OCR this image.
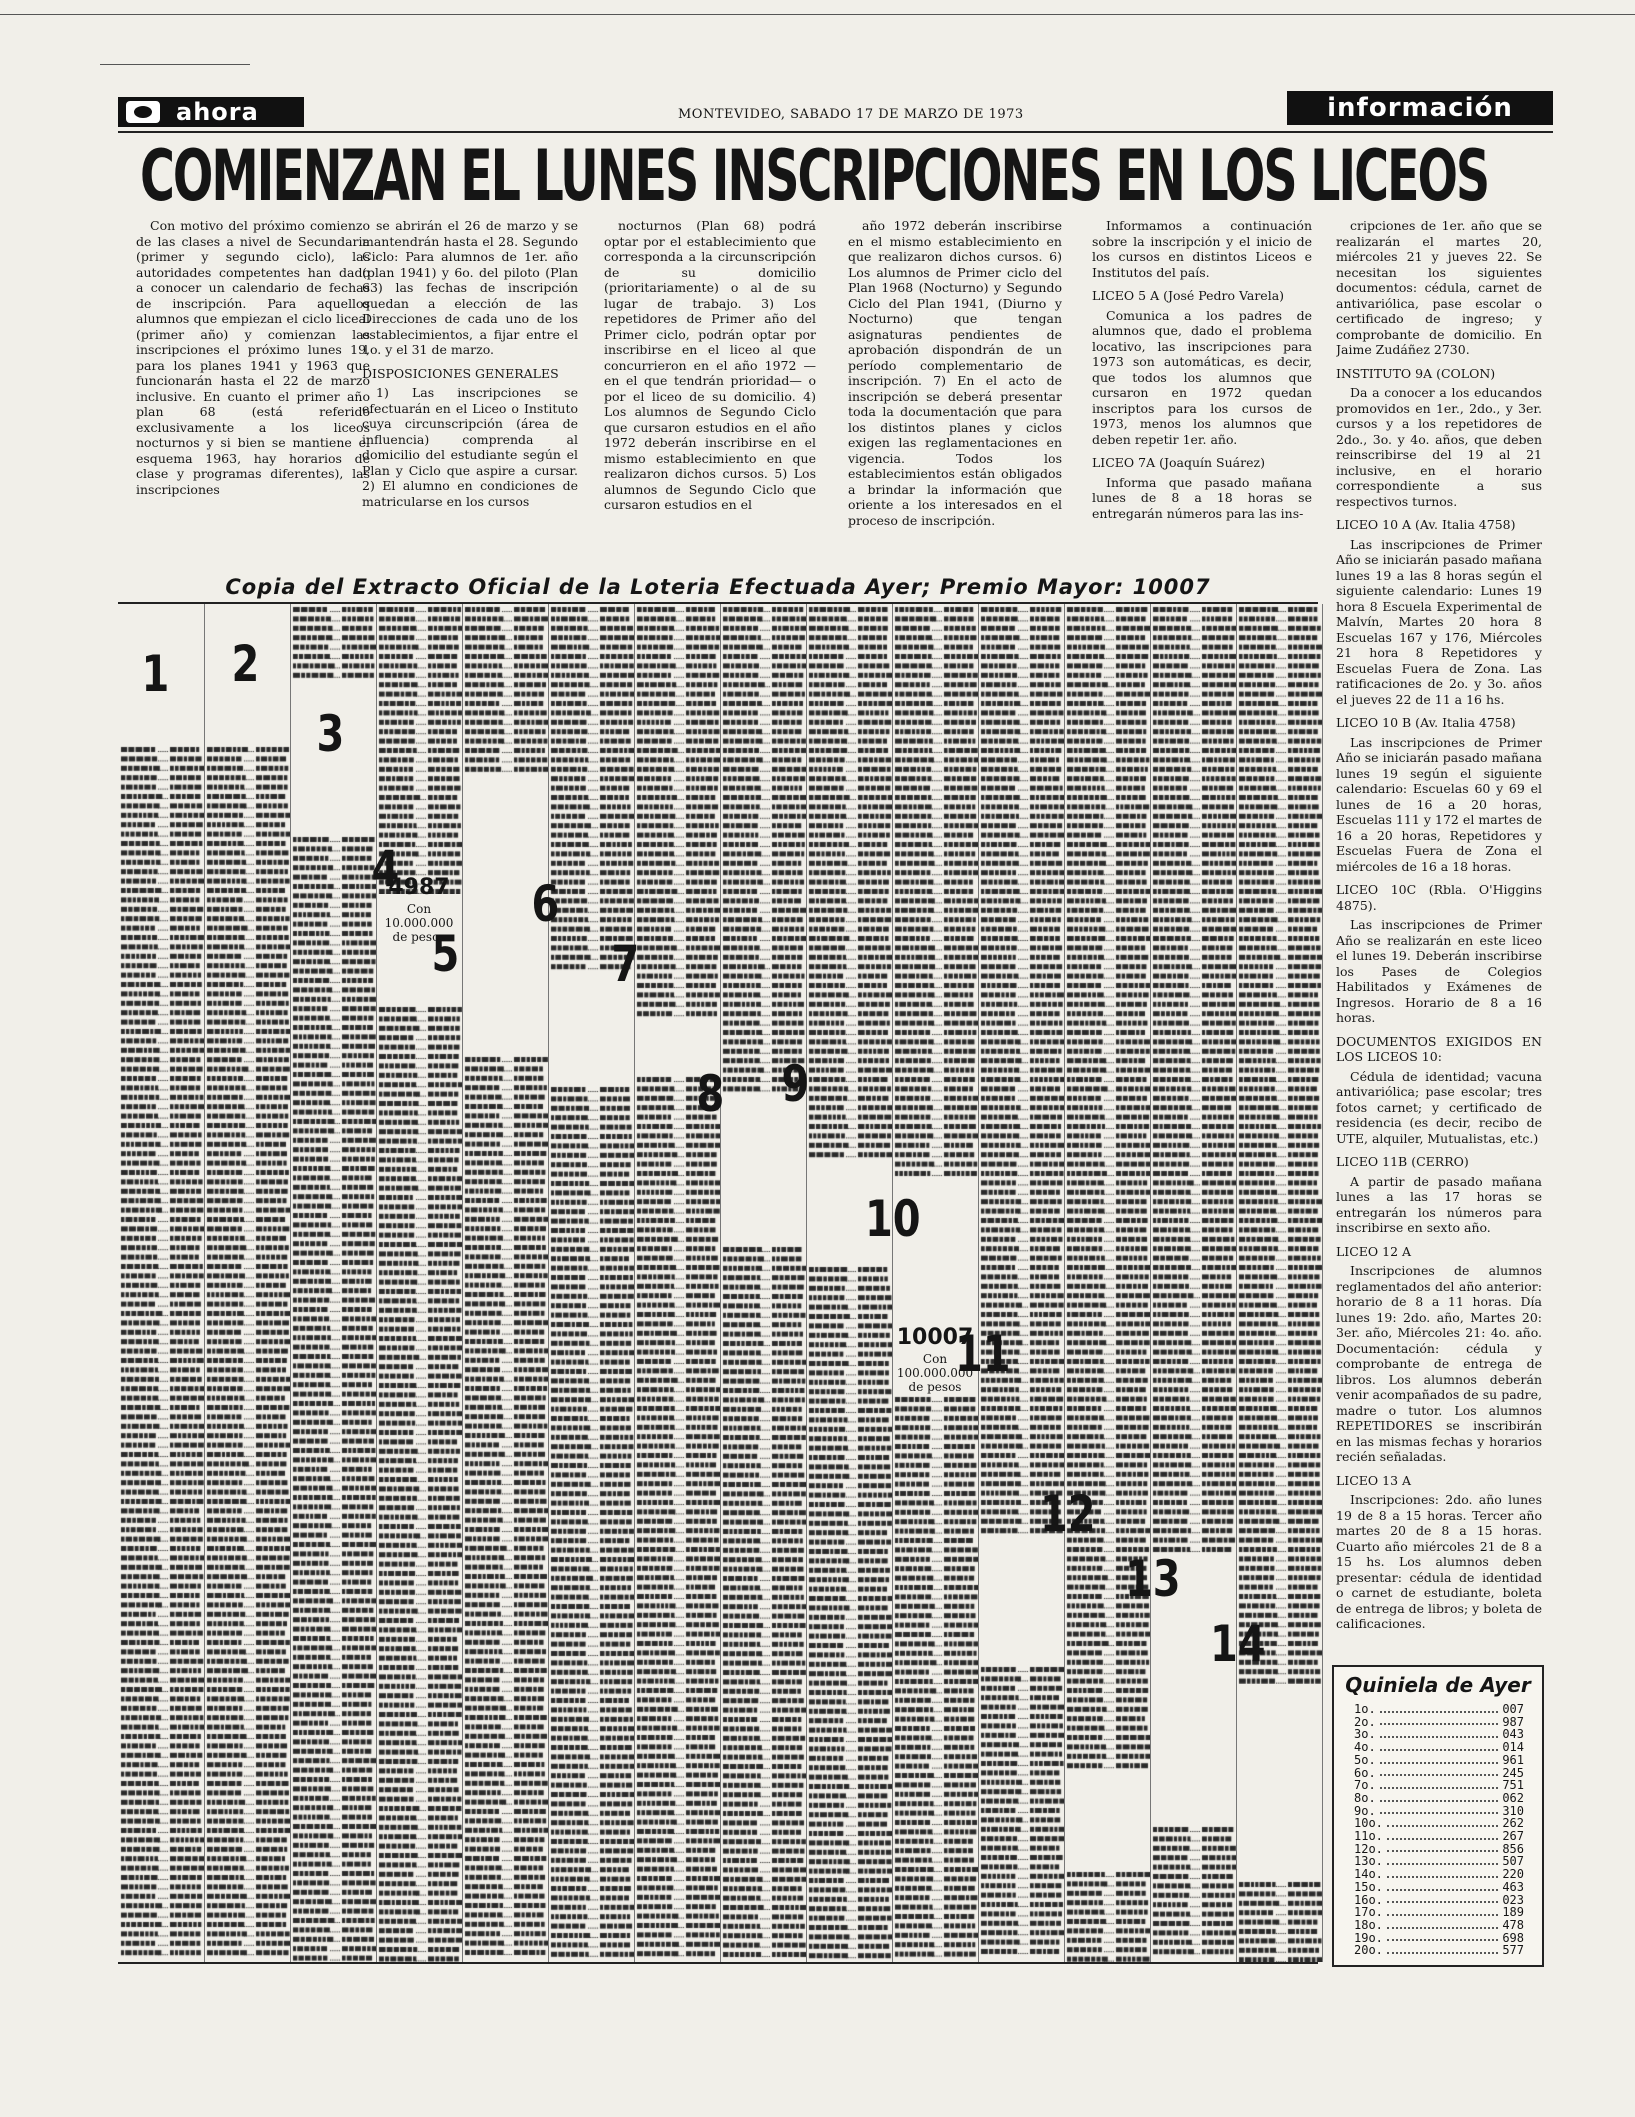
ahora	MONTEVIDEO, SABADO 17 DE MARZO DE 1973	información
COMIENZAN EL LUNES INSCRIPCIONES EN LOS LICEOS

Con motivo del próximo comienzo de las clases a nivel de Secundaria (primer y segundo ciclo), las autoridades competentes han dado a conocer un calendario de fechas de inscripción. Para aquellos alumnos que empiezan el ciclo liceal (primer año) y comienzan las inscripciones el próximo lunes 19, para los planes 1941 y 1963 que funcionarán hasta el 22 de marzo inclusive. En cuanto el primer año plan 68 (está referido exclusivamente a los liceos nocturnos y si bien se mantiene el esquema 1963, hay horarios de clase y programas diferentes), las inscripciones

se abrirán el 26 de marzo y se mantendrán hasta el 28. Segundo Ciclo: Para alumnos de 1er. año (plan 1941) y 6o. del piloto (Plan 63) las fechas de inscripción quedan a elección de las Direcciones de cada uno de los establecimientos, a fijar entre el 1o. y el 31 de marzo.

DISPOSICIONES GENERALES

1) Las inscripciones se efectuarán en el Liceo o Instituto cuya circunscripción (área de influencia) comprenda al domicilio del estudiante según el Plan y Ciclo que aspire a cursar. 2) El alumno en condiciones de matricularse en los cursos

nocturnos (Plan 68) podrá optar por el establecimiento que corresponda a la circunscripción de su domicilio (prioritariamente) o al de su lugar de trabajo. 3) Los repetidores de Primer año del Primer ciclo, podrán optar por inscribirse en el liceo al que concurrieron en el año 1972 —en el que tendrán prioridad— o por el liceo de su domicilio. 4) Los alumnos de Segundo Ciclo que cursaron estudios en el año 1972 deberán inscribirse en el mismo establecimiento en que realizaron dichos cursos. 5) Los alumnos de Segundo Ciclo que cursaron estudios en el

año 1972 deberán inscribirse en el mismo establecimiento en que realizaron dichos cursos. 6) Los alumnos de Primer ciclo del Plan 1968 (Nocturno) y Segundo Ciclo del Plan 1941, (Diurno y Nocturno) que tengan asignaturas pendientes de aprobación dispondrán de un período complementario de inscripción. 7) En el acto de inscripción se deberá presentar toda la documentación que para los distintos planes y ciclos exigen las reglamentaciones en vigencia. Todos los establecimientos están obligados a brindar la información que oriente a los interesados en el proceso de inscripción.

Informamos a continuación sobre la inscripción y el inicio de los cursos en distintos Liceos e Institutos del país.

LICEO 5 A (José Pedro Varela)

Comunica a los padres de alumnos que, dado el problema locativo, las inscripciones para 1973 son automáticas, es decir, que todos los alumnos que cursaron en 1972 quedan inscriptos para los cursos de 1973, menos los alumnos que deben repetir 1er. año.

LICEO 7A (Joaquín Suárez)

Informa que pasado mañana lunes de 8 a 18 horas se entregarán números para las ins-

cripciones de 1er. año que se realizarán el martes 20, miércoles 21 y jueves 22. Se necesitan los siguientes documentos: cédula, carnet de antivariólica, pase escolar o certificado de ingreso; y comprobante de domicilio. En Jaime Zudáñez 2730.

INSTITUTO 9A (COLON)

Da a conocer a los educandos promovidos en 1er., 2do., y 3er. cursos y a los repetidores de 2do., 3o. y 4o. años, que deben reinscribirse del 19 al 21 inclusive, en el horario correspondiente a sus respectivos turnos.

LICEO 10 A (Av. Italia 4758)

Las inscripciones de Primer Año se iniciarán pasado mañana lunes 19 a las 8 horas según el siguiente calendario: Lunes 19 hora 8 Escuela Experimental de Malvín, Martes 20 hora 8 Escuelas 167 y 176, Miércoles 21 hora 8 Repetidores y Escuelas Fuera de Zona. Las ratificaciones de 2o. y 3o. años el jueves 22 de 11 a 16 hs.

LICEO 10 B (Av. Italia 4758)

Las inscripciones de Primer Año se iniciarán pasado mañana lunes 19 según el siguiente calendario: Escuelas 60 y 69 el lunes de 16 a 20 horas, Escuelas 111 y 172 el martes de 16 a 20 horas, Repetidores y Escuelas Fuera de Zona el miércoles de 16 a 18 horas.

LICEO 10C (Rbla. O'Higgins 4875).

Las inscripciones de Primer Año se realizarán en este liceo el lunes 19. Deberán inscribirse los Pases de Colegios Habilitados y Exámenes de Ingresos. Horario de 8 a 16 horas.

DOCUMENTOS EXIGIDOS EN LOS LICEOS 10:

Cédula de identidad; vacuna antivariólica; pase escolar; tres fotos carnet; y certificado de residencia (es decir, recibo de UTE, alquiler, Mutualistas, etc.)

LICEO 11B (CERRO)

A partir de pasado mañana lunes a las 17 horas se entregarán los números para inscribirse en sexto año.

LICEO 12 A

Inscripciones de alumnos reglamentados del año anterior: horario de 8 a 11 horas. Día lunes 19: 2do. año, Martes 20: 3er. año, Miércoles 21: 4o. año. Documentación: cédula y comprobante de entrega de libros. Los alumnos deberán venir acompañados de su padre, madre o tutor. Los alumnos REPETIDORES se inscribirán en las mismas fechas y horarios recién señaladas.

LICEO 13 A

Inscripciones: 2do. año lunes 19 de 8 a 15 horas. Tercer año martes 20 de 8 a 15 horas. Cuarto año miércoles 21 de 8 a 15 hs. Los alumnos deben presentar: cédula de identidad o carnet de estudiante, boleta de entrega de libros; y boleta de calificaciones.

Copia del Extracto Oficial de la Loteria Efectuada Ayer; Premio Mayor: 10007
1 2
3
4
5
6
7
8 9
10
11
12
13
14
4987
Con
10.000.000
de pesos
10007
Con
100.000.000
de pesos
Quiniela de Ayer
1o.	007
2o.	987
3o.	043
4o.	014
5o.	961
6o.	245
7o.	751
8o.	062
9o.	310
10o.	262
11o.	267
12o.	856
13o.	507
14o.	220
15o.	463
16o.	023
17o.	189
18o.	478
19o.	698
20o.	577
